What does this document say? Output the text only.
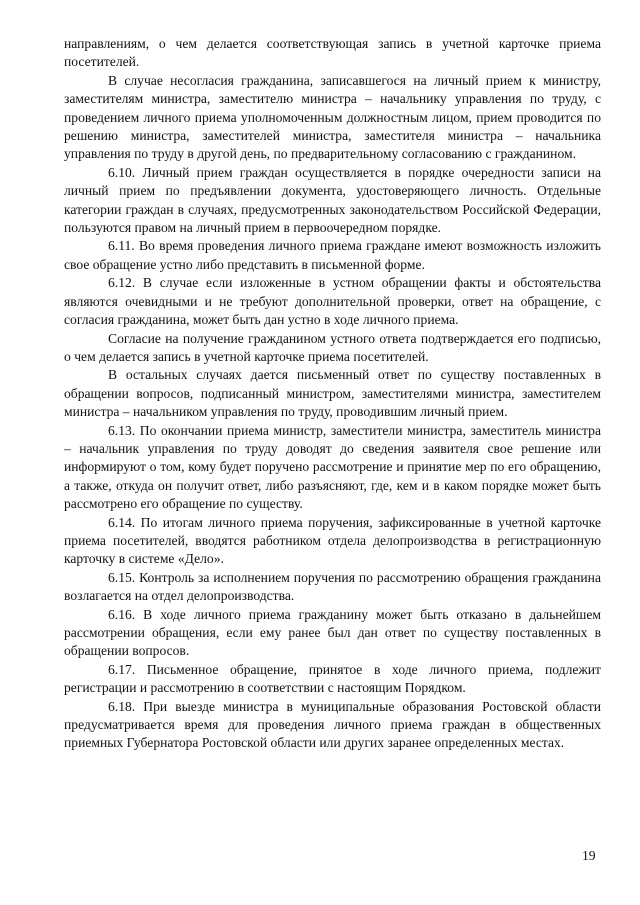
направлениям, о чем делается соответствующая запись в учетной карточке приема посетителей.

В случае несогласия гражданина, записавшегося на личный прием к министру, заместителям министра, заместителю министра – начальнику управления по труду, с проведением личного приема уполномоченным должностным лицом, прием проводится по решению министра, заместителей министра, заместителя министра – начальника управления по труду в другой день, по предварительному согласованию с гражданином.

6.10. Личный прием граждан осуществляется в порядке очередности записи на личный прием по предъявлении документа, удостоверяющего личность. Отдельные категории граждан в случаях, предусмотренных законодательством Российской Федерации, пользуются правом на личный прием в первоочередном порядке.

6.11. Во время проведения личного приема граждане имеют возможность изложить свое обращение устно либо представить в письменной форме.

6.12. В случае если изложенные в устном обращении факты и обстоятельства являются очевидными и не требуют дополнительной проверки, ответ на обращение, с согласия гражданина, может быть дан устно в ходе личного приема.

Согласие на получение гражданином устного ответа подтверждается его подписью, о чем делается запись в учетной карточке приема посетителей.

В остальных случаях дается письменный ответ по существу поставленных в обращении вопросов, подписанный министром, заместителями министра, заместителем министра – начальником управления по труду, проводившим личный прием.

6.13. По окончании приема министр, заместители министра, заместитель министра – начальник управления по труду доводят до сведения заявителя свое решение или информируют о том, кому будет поручено рассмотрение и принятие мер по его обращению, а также, откуда он получит ответ, либо разъясняют, где, кем и в каком порядке может быть рассмотрено его обращение по существу.

6.14. По итогам личного приема поручения, зафиксированные в учетной карточке приема посетителей, вводятся работником отдела делопроизводства в регистрационную карточку в системе «Дело».

6.15. Контроль за исполнением поручения по рассмотрению обращения гражданина возлагается на отдел делопроизводства.

6.16. В ходе личного приема гражданину может быть отказано в дальнейшем рассмотрении обращения, если ему ранее был дан ответ по существу поставленных в обращении вопросов.

6.17. Письменное обращение, принятое в ходе личного приема, подлежит регистрации и рассмотрению в соответствии с настоящим Порядком.

6.18. При выезде министра в муниципальные образования Ростовской области предусматривается время для проведения личного приема граждан в общественных приемных Губернатора Ростовской области или других заранее определенных местах.

19
